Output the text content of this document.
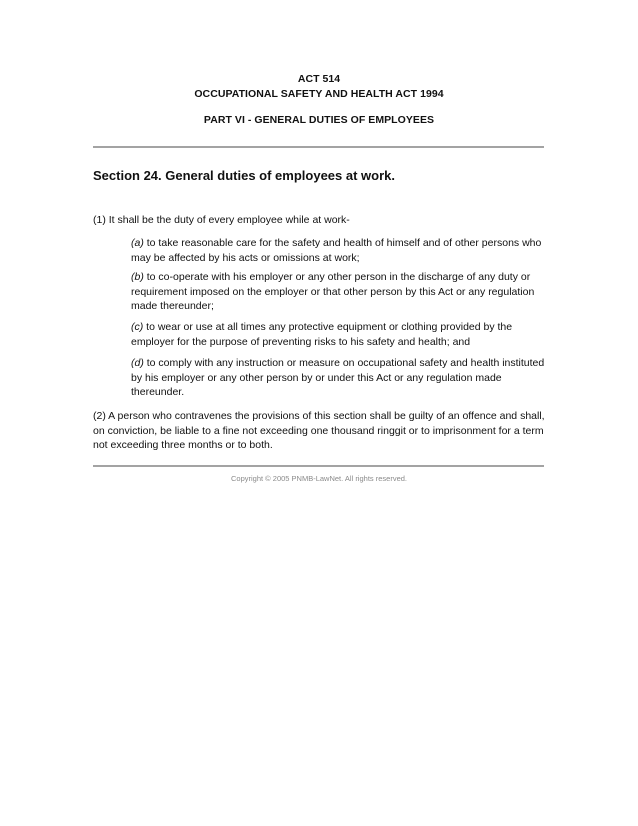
ACT 514
OCCUPATIONAL SAFETY AND HEALTH ACT 1994
PART VI - GENERAL DUTIES OF EMPLOYEES
Section 24. General duties of employees at work.
(1) It shall be the duty of every employee while at work-
(a) to take reasonable care for the safety and health of himself and of other persons who may be affected by his acts or omissions at work;
(b) to co-operate with his employer or any other person in the discharge of any duty or requirement imposed on the employer or that other person by this Act or any regulation made thereunder;
(c) to wear or use at all times any protective equipment or clothing provided by the employer for the purpose of preventing risks to his safety and health; and
(d) to comply with any instruction or measure on occupational safety and health instituted by his employer or any other person by or under this Act or any regulation made thereunder.
(2) A person who contravenes the provisions of this section shall be guilty of an offence and shall, on conviction, be liable to a fine not exceeding one thousand ringgit or to imprisonment for a term not exceeding three months or to both.
Copyright © 2005 PNMB-LawNet. All rights reserved.
